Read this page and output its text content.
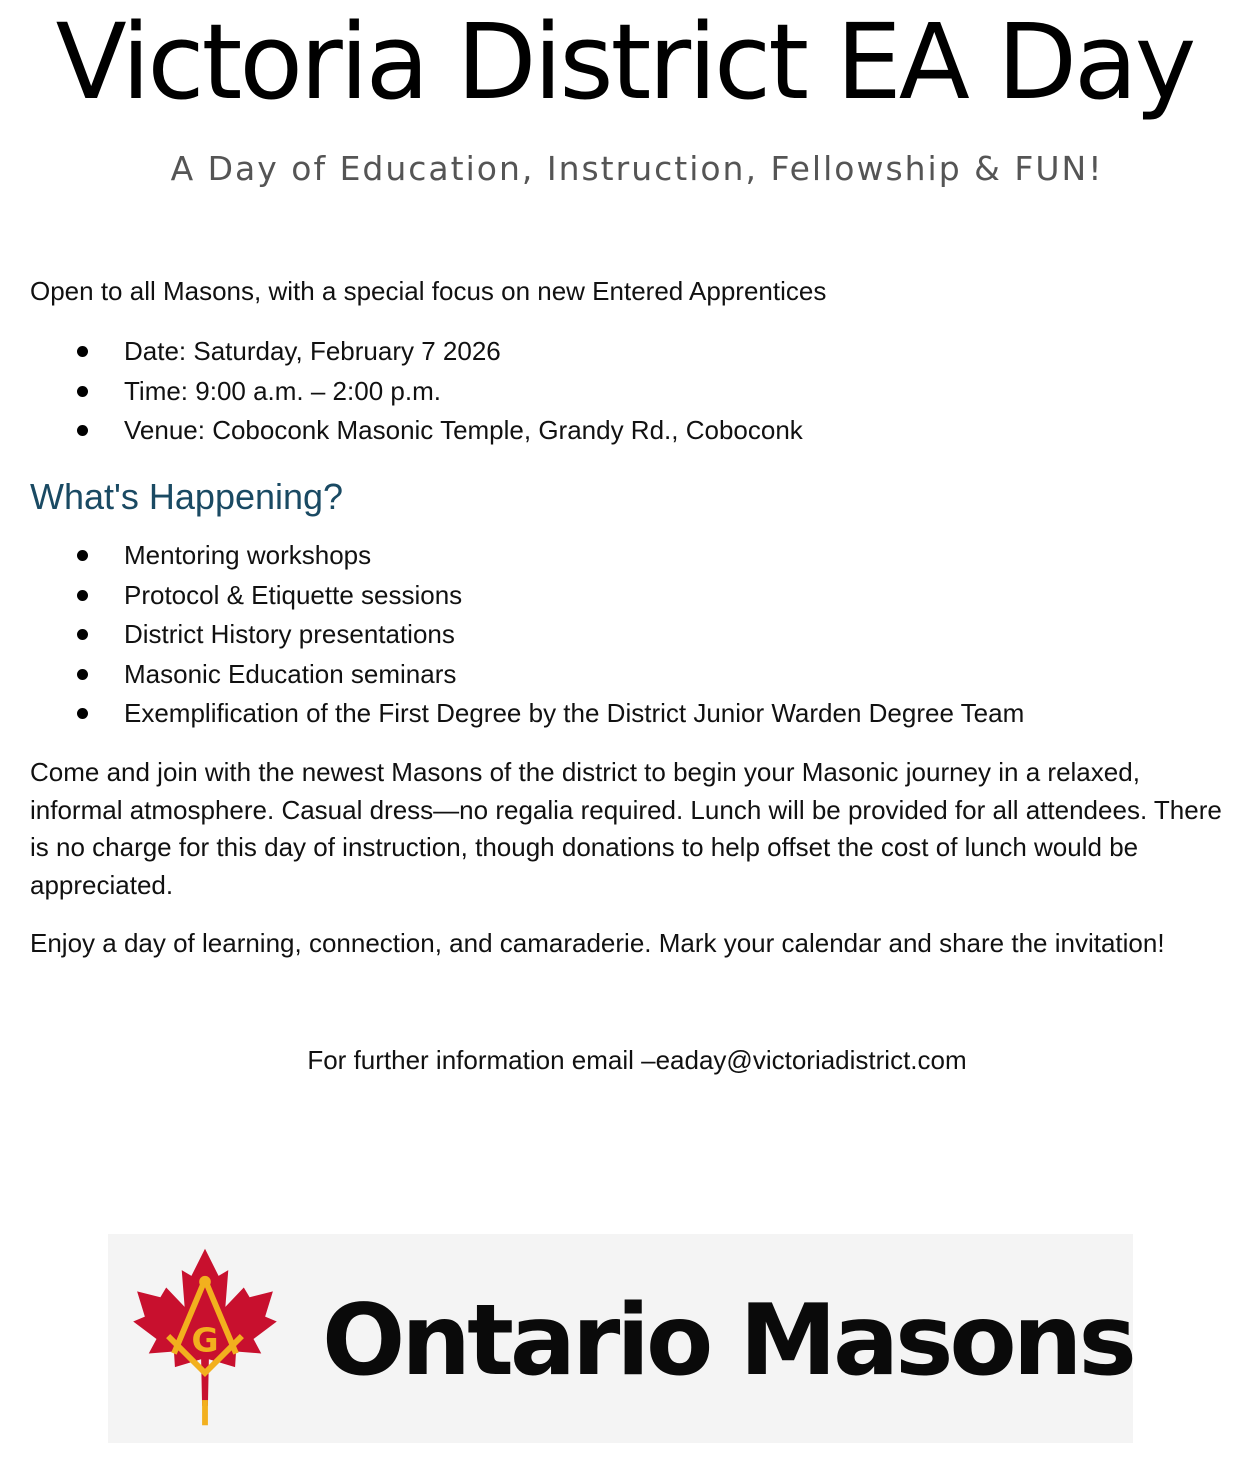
Victoria District EA Day

A Day of Education, Instruction, Fellowship & FUN!

Open to all Masons, with a special focus on new Entered Apprentices

Date: Saturday, February 7 2026
Time: 9:00 a.m. – 2:00 p.m.
Venue: Coboconk Masonic Temple, Grandy Rd., Coboconk
What's Happening?
Mentoring workshops
Protocol & Etiquette sessions
District History presentations
Masonic Education seminars
Exemplification of the First Degree by the District Junior Warden Degree Team

Come and join with the newest Masons of the district to begin your Masonic journey in a relaxed, informal atmosphere. Casual dress—no regalia required. Lunch will be provided for all attendees. There is no charge for this day of instruction, though donations to help offset the cost of lunch would be appreciated.

Enjoy a day of learning, connection, and camaraderie. Mark your calendar and share the invitation!

For further information email –eaday@victoriadistrict.com

G Ontario Masons
